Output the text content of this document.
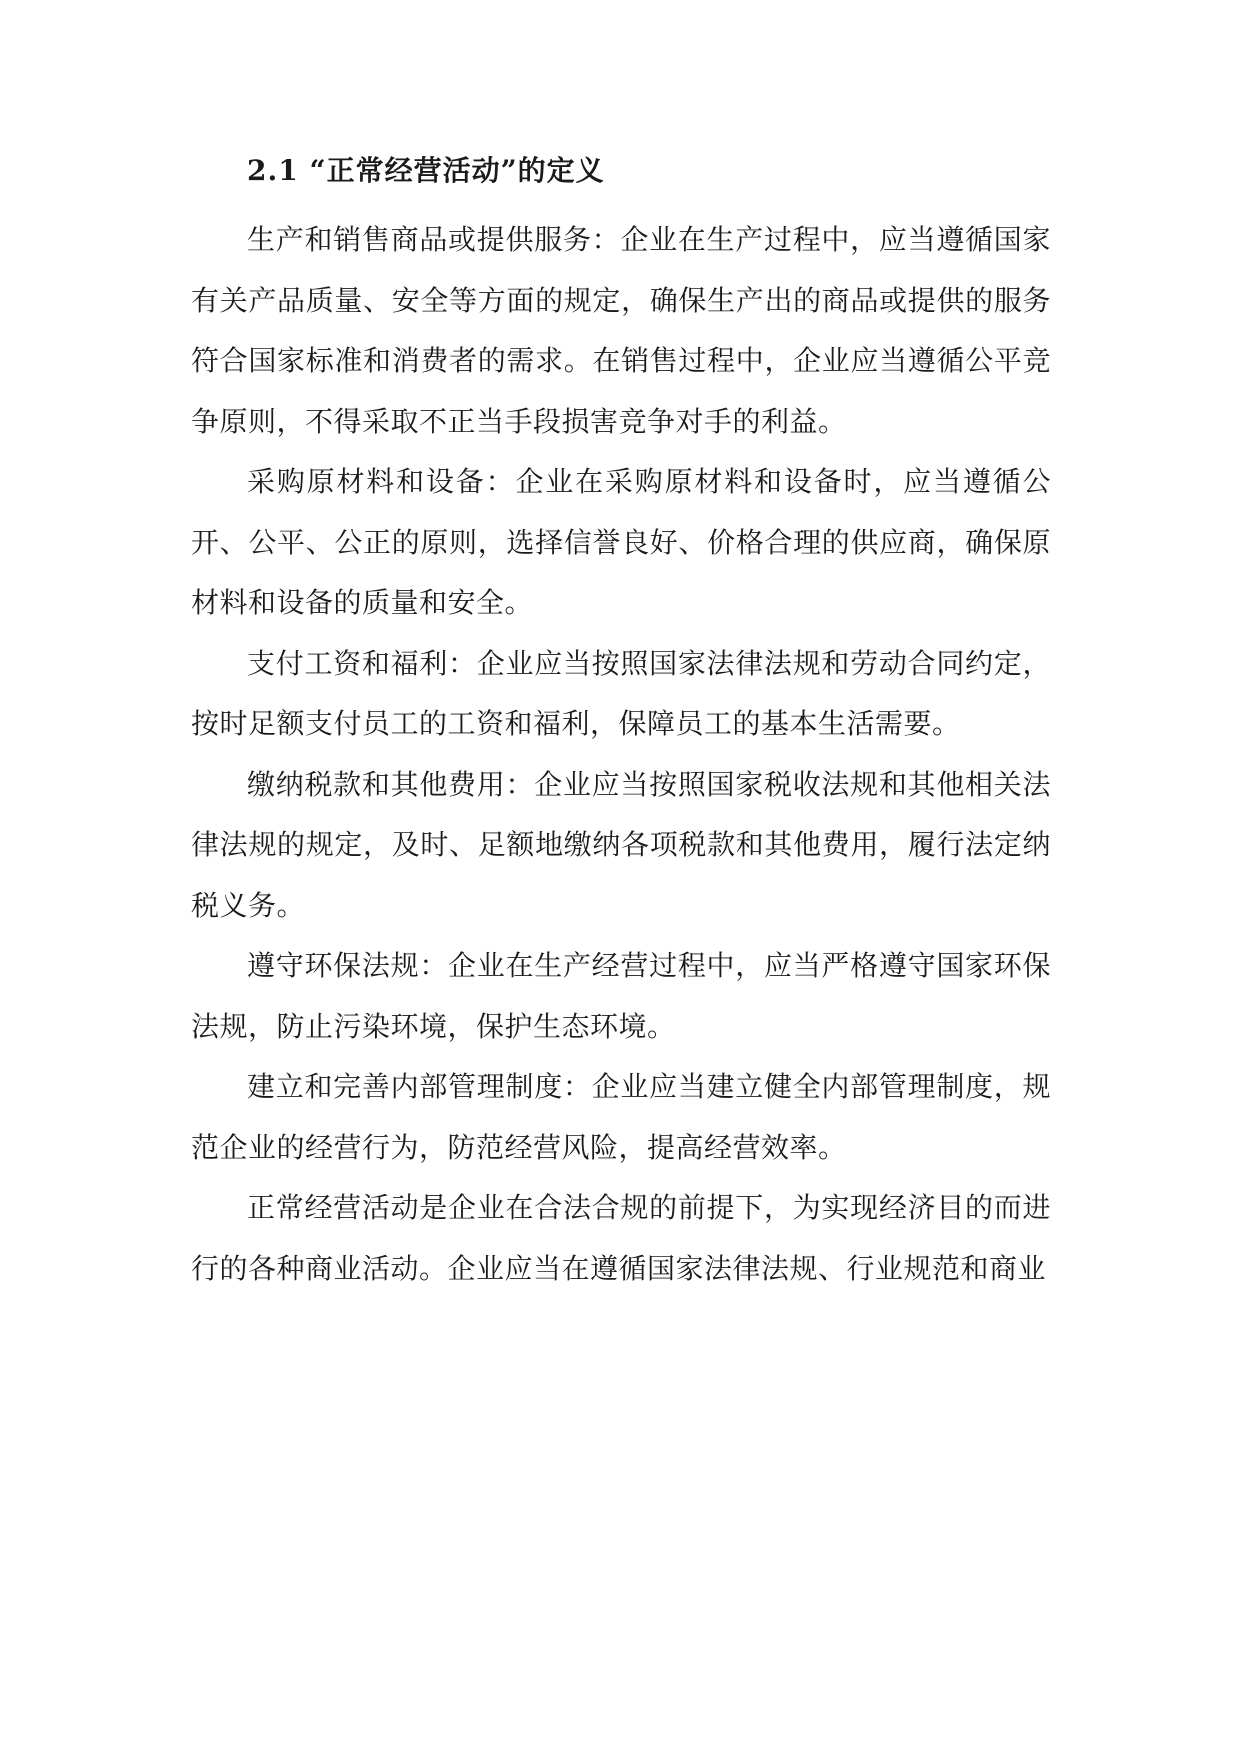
2.1 “正常经营活动”的定义

生产和销售商品或提供服务：企业在生产过程中，应当遵循国家有关产品质量、安全等方面的规定，确保生产出的商品或提供的服务符合国家标准和消费者的需求。在销售过程中，企业应当遵循公平竞争原则，不得采取不正当手段损害竞争对手的利益。

采购原材料和设备：企业在采购原材料和设备时，应当遵循公开、公平、公正的原则，选择信誉良好、价格合理的供应商，确保原材料和设备的质量和安全。

支付工资和福利：企业应当按照国家法律法规和劳动合同约定，按时足额支付员工的工资和福利，保障员工的基本生活需要。

缴纳税款和其他费用：企业应当按照国家税收法规和其他相关法律法规的规定，及时、足额地缴纳各项税款和其他费用，履行法定纳税义务。

遵守环保法规：企业在生产经营过程中，应当严格遵守国家环保法规，防止污染环境，保护生态环境。

建立和完善内部管理制度：企业应当建立健全内部管理制度，规范企业的经营行为，防范经营风险，提高经营效率。

正常经营活动是企业在合法合规的前提下，为实现经济目的而进行的各种商业活动。企业应当在遵循国家法律法规、行业规范和商业
